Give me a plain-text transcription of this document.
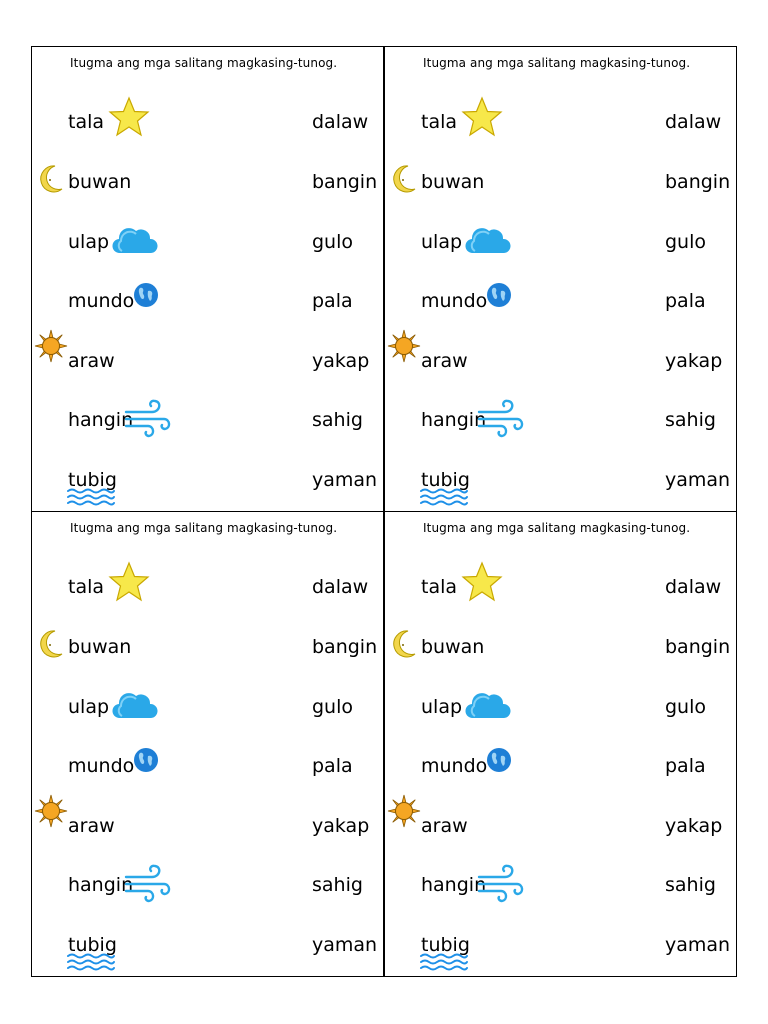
Itugma ang mga salitang magkasing-tunog.
tala
buwan
ulap
mundo
araw
hangin
tubig
dalaw
bangin
gulo
pala
yakap
sahig
yaman
Itugma ang mga salitang magkasing-tunog.
tala
buwan
ulap
mundo
araw
hangin
tubig
dalaw
bangin
gulo
pala
yakap
sahig
yaman
Itugma ang mga salitang magkasing-tunog.
tala
buwan
ulap
mundo
araw
hangin
tubig
dalaw
bangin
gulo
pala
yakap
sahig
yaman
Itugma ang mga salitang magkasing-tunog.
tala
buwan
ulap
mundo
araw
hangin
tubig
dalaw
bangin
gulo
pala
yakap
sahig
yaman
